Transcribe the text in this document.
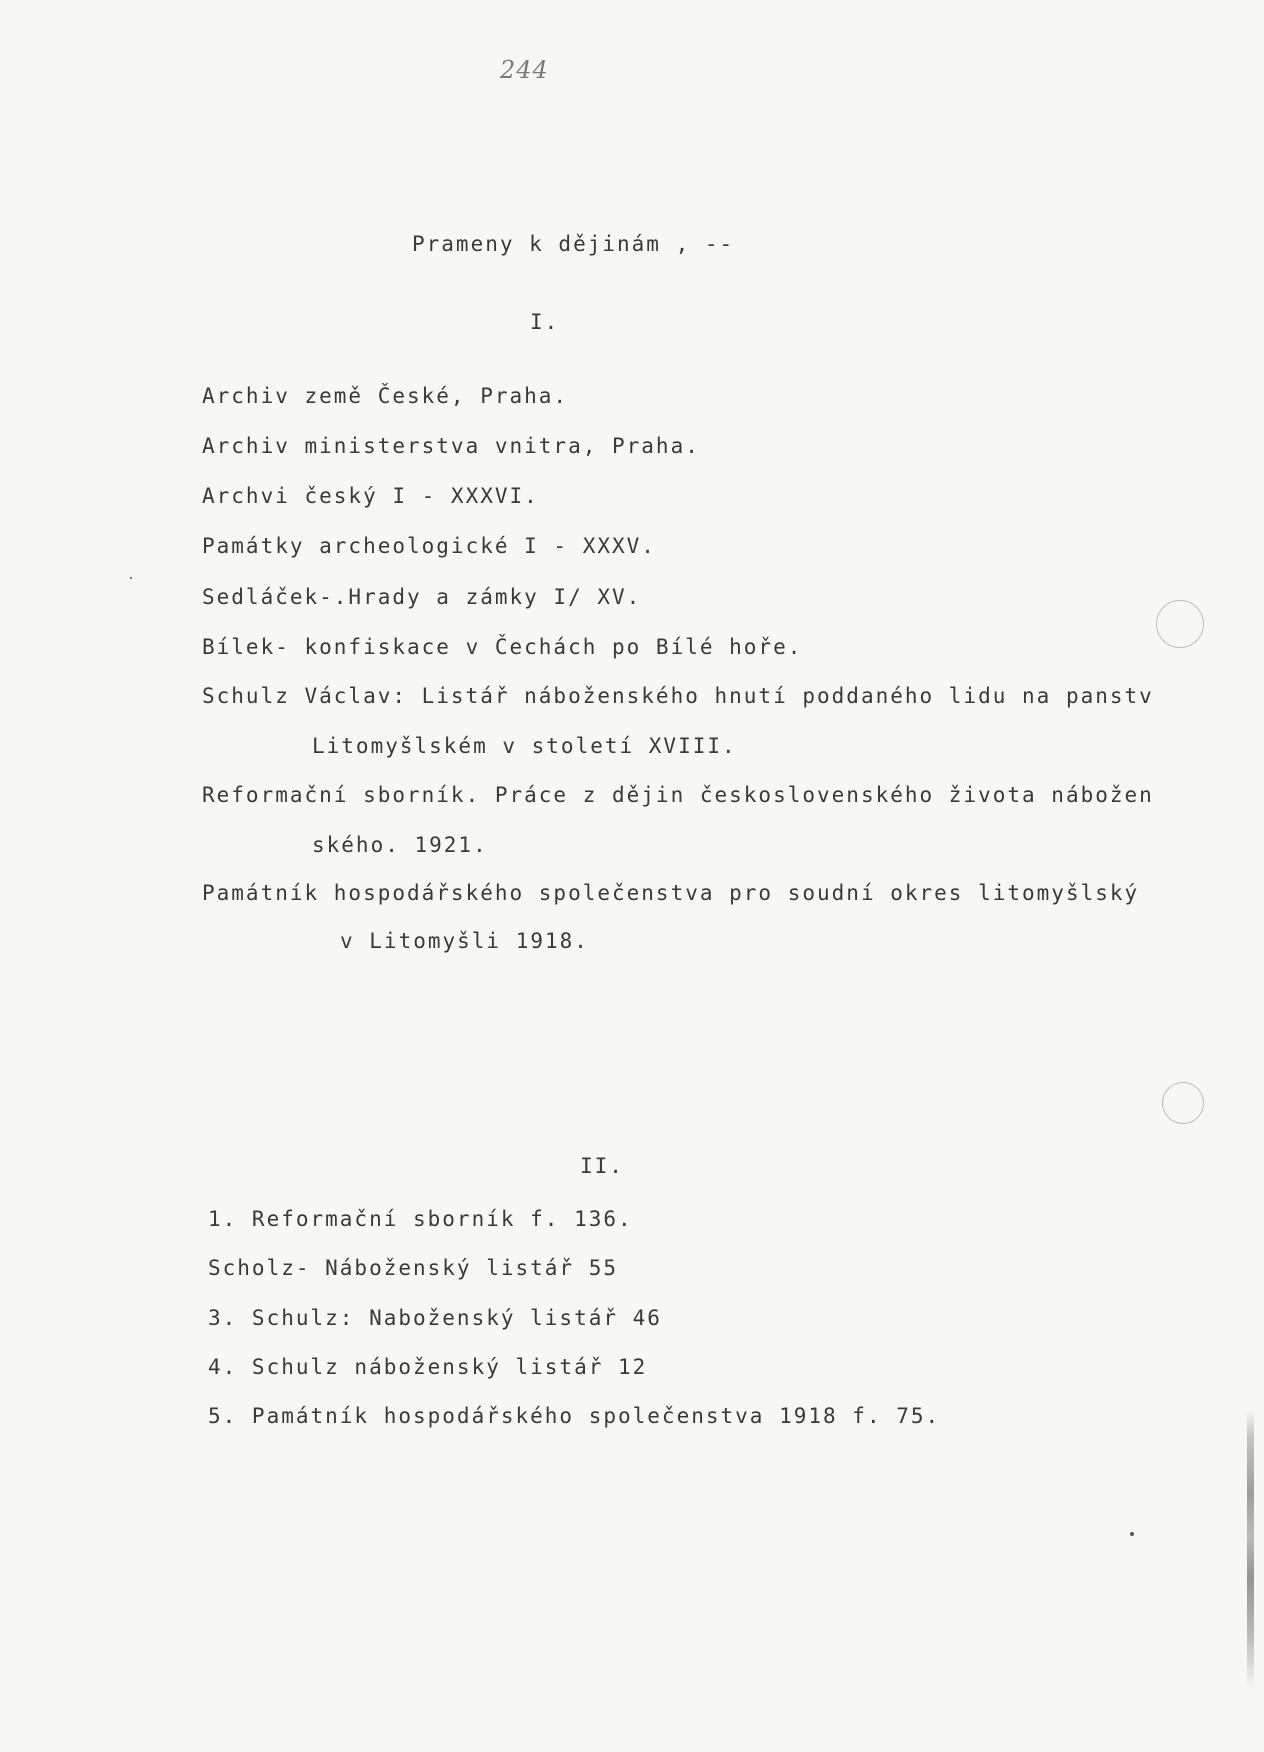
244
Prameny k dějinám , --
I.
Archiv země České, Praha.
Archiv ministerstva vnitra, Praha.
Archvi český I - XXXVI.
Památky archeologické I - XXXV.
Sedláček-.Hrady a zámky I/ XV.
Bílek- konfiskace v Čechách po Bílé hoře.
Schulz Václav: Listář náboženského hnutí poddaného lidu na panstv
Litomyšlském v století XVIII.
Reformační sborník. Práce z dějin československého života nábožen
ského. 1921.
Památník hospodářského společenstva pro soudní okres litomyšlský
v Litomyšli 1918.
II.
1. Reformační sborník f. 136.
Scholz- Náboženský listář 55
3. Schulz: Naboženský listář 46
4. Schulz náboženský listář 12
5. Památník hospodářského společenstva 1918 f. 75.
